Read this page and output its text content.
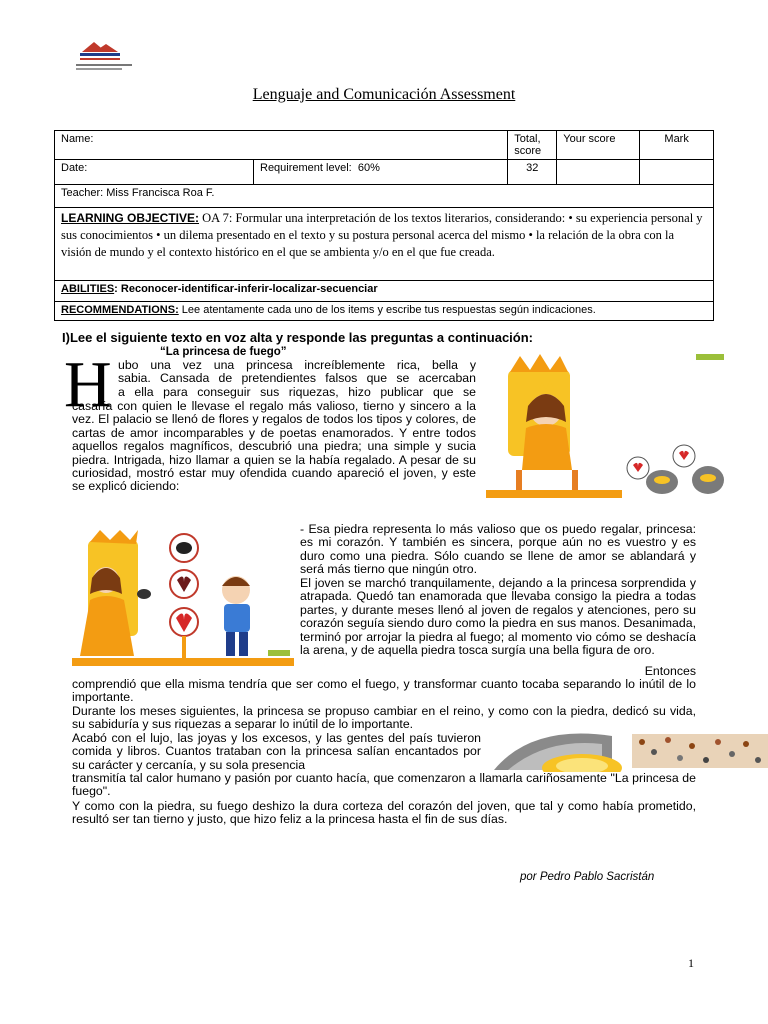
Lenguaje and Comunicación Assessment
Name:		Total, score	Your score	Mark
Date:	Requirement level: 60%	32		
Teacher: Miss Francisca Roa F.				
LEARNING OBJECTIVE: OA 7: Formular una interpretación de los textos literarios, considerando: • su experiencia personal y sus conocimientos • un dilema presentado en el texto y su postura personal acerca del mismo • la relación de la obra con la visión de mundo y el contexto histórico en el que se ambienta y/o en el que fue creada.				
ABILITIES: Reconocer-identificar-inferir-localizar-secuenciar				
RECOMMENDATIONS: Lee atentamente cada uno de los items y escribe tus respuestas según indicaciones.				
I)Lee el siguiente texto en voz alta y responde las preguntas a continuación:
“La princesa de fuego”
H ubo una vez una princesa increíblemente rica, bella y

sabia. Cansada de pretendientes falsos que se acercaban

a ella para conseguir sus riquezas, hizo publicar que se

casaría con quien le llevase el regalo más valioso, tierno y sincero a la vez. El palacio se llenó de flores y regalos de todos los tipos y colores, de cartas de amor incomparables y de poetas enamorados. Y entre todos aquellos regalos magníficos, descubrió una piedra; una simple y sucia piedra. Intrigada, hizo llamar a quien se la había regalado. A pesar de su curiosidad, mostró estar muy ofendida cuando apareció el joven, y este se explicó diciendo:
- Esa piedra representa lo más valioso que os puedo regalar, princesa: es mi corazón. Y también es sincera, porque aún no es vuestro y es duro como una piedra. Sólo cuando se llene de amor se ablandará y será más tierno que ningún otro.
El joven se marchó tranquilamente, dejando a la princesa sorprendida y atrapada. Quedó tan enamorada que llevaba consigo la piedra a todas partes, y durante meses llenó al joven de regalos y atenciones, pero su corazón seguía siendo duro como la piedra en sus manos. Desanimada, terminó por arrojar la piedra al fuego; al momento vio cómo se deshacía la arena, y de aquella piedra tosca surgía una bella figura de oro.
Entonces
comprendió que ella misma tendría que ser como el fuego, y transformar cuanto tocaba separando lo inútil de lo importante.
Durante los meses siguientes, la princesa se propuso cambiar en el reino, y como con la piedra, dedicó su vida, su sabiduría y sus riquezas a separar lo inútil de lo importante.
Acabó con el lujo, las joyas y los excesos, y las gentes del país tuvieron comida y libros. Cuantos trataban con la princesa salían encantados por su carácter y cercanía, y su sola presencia
transmitía tal calor humano y pasión por cuanto hacía, que comenzaron a llamarla cariñosamente "La princesa de fuego".
Y como con la piedra, su fuego deshizo la dura corteza del corazón del joven, que tal y como había prometido, resultó ser tan tierno y justo, que hizo feliz a la princesa hasta el fin de sus días.
por Pedro Pablo Sacristán
1
